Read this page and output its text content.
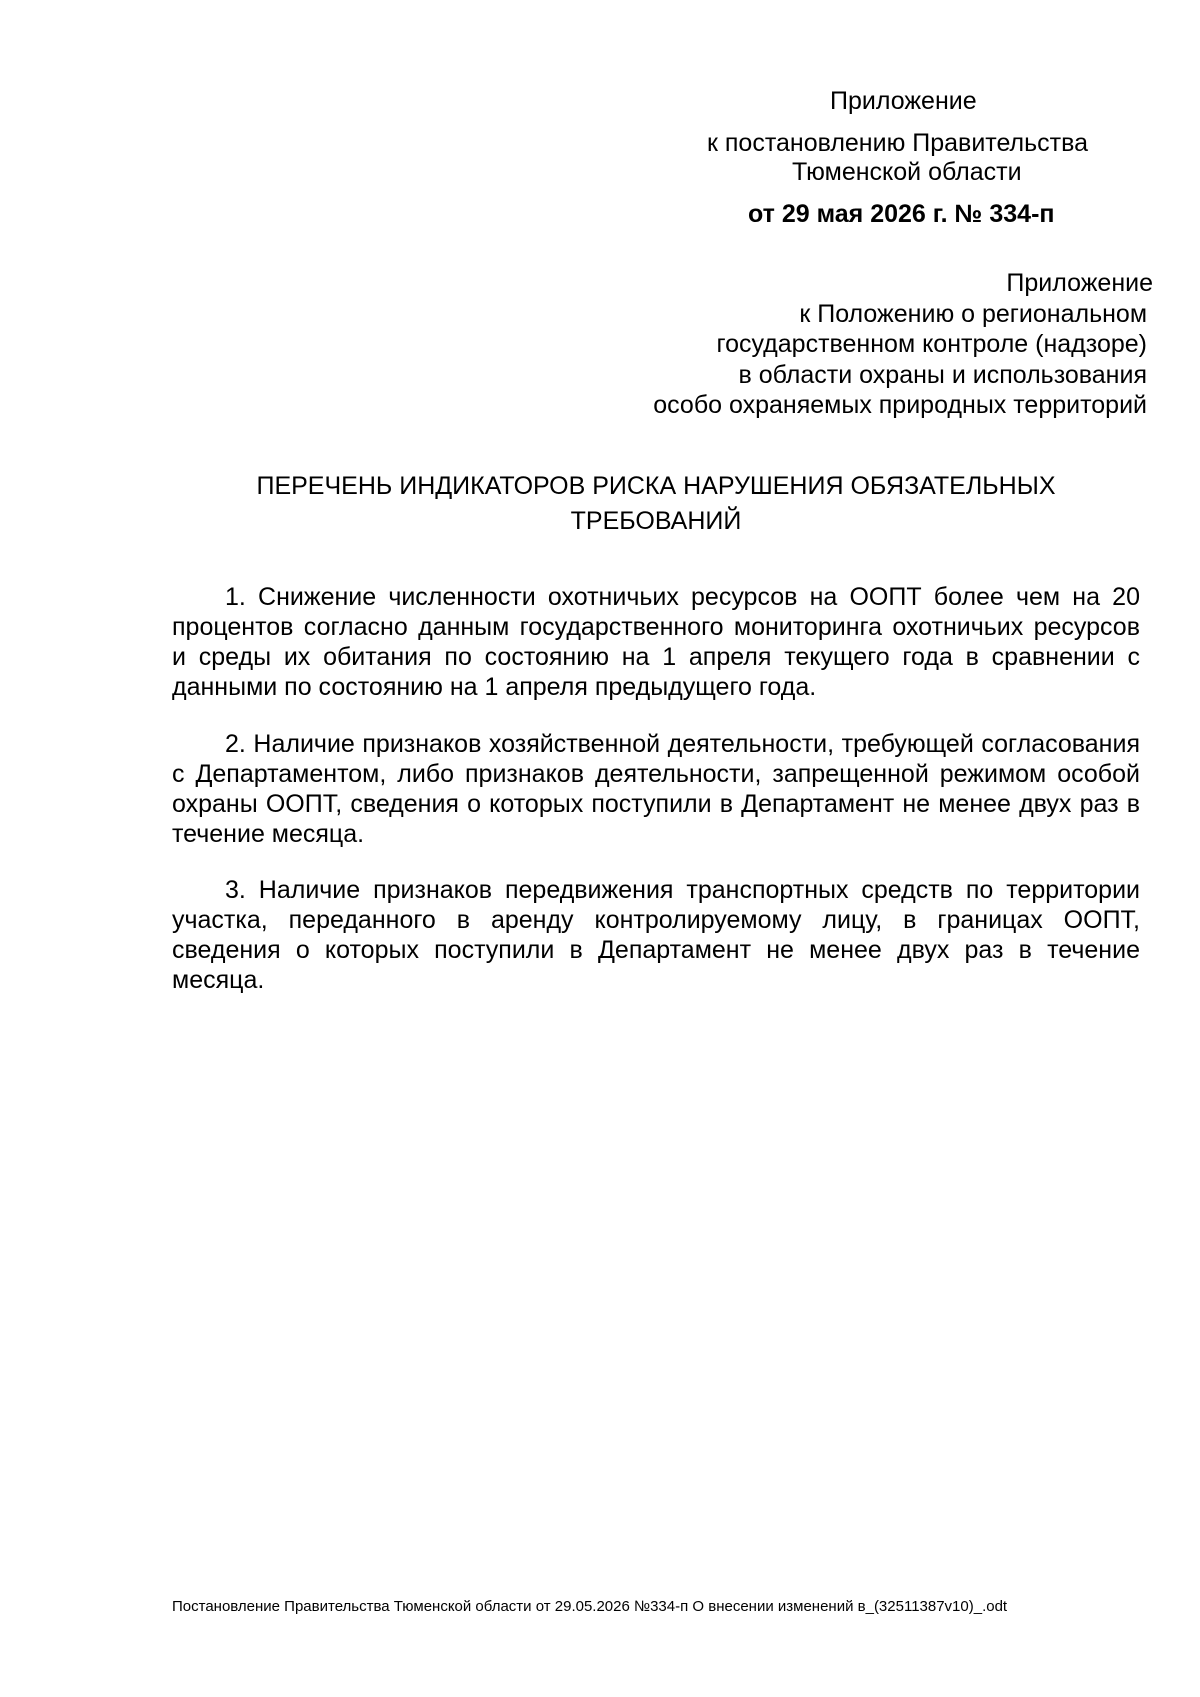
Приложение
к постановлению Правительства
Тюменской области
от 29 мая 2026 г. № 334-п
Приложение
к Положению о региональном
государственном контроле (надзоре)
в области охраны и использования
особо охраняемых природных территорий
ПЕРЕЧЕНЬ ИНДИКАТОРОВ РИСКА НАРУШЕНИЯ ОБЯЗАТЕЛЬНЫХ
ТРЕБОВАНИЙ
1. Снижение численности охотничьих ресурсов на ООПТ более чем на 20 процентов согласно данным государственного мониторинга охотничьих ресурсов и среды их обитания по состоянию на 1 апреля текущего года в сравнении с данными по состоянию на 1 апреля предыдущего года.
2. Наличие признаков хозяйственной деятельности, требующей согласования с Департаментом, либо признаков деятельности, запрещенной режимом особой охраны ООПТ, сведения о которых поступили в Департамент не менее двух раз в течение месяца.
3. Наличие признаков передвижения транспортных средств по территории участка, переданного в аренду контролируемому лицу, в границах ООПТ, сведения о которых поступили в Департамент не менее двух раз в течение месяца.
Постановление Правительства Тюменской области от 29.05.2026 №334-п О внесении изменений в_(32511387v10)_.odt
